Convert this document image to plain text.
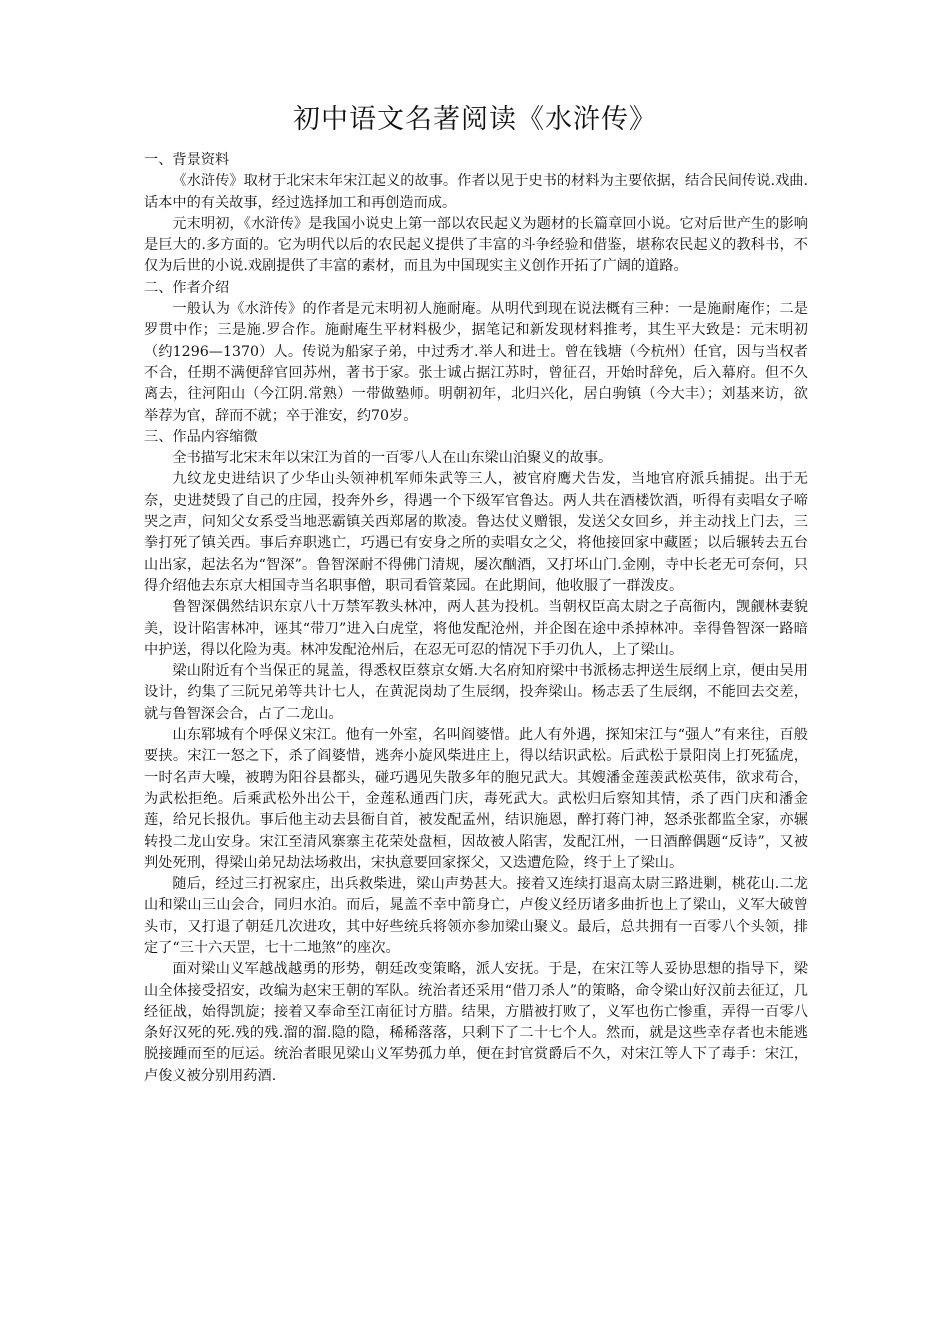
初中语文名著阅读《水浒传》

一、背景资料

《水浒传》取材于北宋末年宋江起义的故事。作者以见于史书的材料为主要依据，结合民间传说.戏曲.话本中的有关故事，经过选择加工和再创造而成。

元末明初，《水浒传》是我国小说史上第一部以农民起义为题材的长篇章回小说。它对后世产生的影响是巨大的.多方面的。它为明代以后的农民起义提供了丰富的斗争经验和借鉴，堪称农民起义的教科书，不仅为后世的小说.戏剧提供了丰富的素材，而且为中国现实主义创作开拓了广阔的道路。

二、作者介绍

一般认为《水浒传》的作者是元末明初人施耐庵。从明代到现在说法概有三种：一是施耐庵作；二是罗贯中作；三是施.罗合作。施耐庵生平材料极少，据笔记和新发现材料推考，其生平大致是：元末明初（约1296—1370）人。传说为船家子弟，中过秀才.举人和进士。曾在钱塘（今杭州）任官，因与当权者不合，任期不满便辞官回苏州，著书于家。张士诚占据江苏时，曾征召，开始时辞免，后入幕府。但不久离去，往河阳山（今江阴.常熟）一带做塾师。明朝初年，北归兴化，居白驹镇（今大丰）；刘基来访，欲举荐为官，辞而不就；卒于淮安，约70岁。

三、作品内容缩微

全书描写北宋末年以宋江为首的一百零八人在山东梁山泊聚义的故事。

九纹龙史进结识了少华山头领神机军师朱武等三人，被官府鹰犬告发，当地官府派兵捕捉。出于无奈，史进焚毁了自己的庄园，投奔外乡，得遇一个下级军官鲁达。两人共在酒楼饮酒，听得有卖唱女子啼哭之声，问知父女系受当地恶霸镇关西郑屠的欺凌。鲁达仗义赠银，发送父女回乡，并主动找上门去，三拳打死了镇关西。事后弃职逃亡，巧遇已有安身之所的卖唱女之父，将他接回家中藏匿；以后辗转去五台山出家，起法名为“智深”。鲁智深耐不得佛门清规，屡次酗酒，又打坏山门.金刚，寺中长老无可奈何，只得介绍他去东京大相国寺当名职事僧，职司看管菜园。在此期间，他收服了一群泼皮。

鲁智深偶然结识东京八十万禁军教头林冲，两人甚为投机。当朝权臣高太尉之子高衙内，觊觎林妻貌美，设计陷害林冲，诬其“带刀”进入白虎堂，将他发配沧州，并企图在途中杀掉林冲。幸得鲁智深一路暗中护送，得以化险为夷。林冲发配沧州后，在忍无可忍的情况下手刃仇人，上了梁山。

梁山附近有个当保正的晁盖，得悉权臣蔡京女婿.大名府知府梁中书派杨志押送生辰纲上京，便由吴用设计，约集了三阮兄弟等共计七人，在黄泥岗劫了生辰纲，投奔梁山。杨志丢了生辰纲，不能回去交差，就与鲁智深会合，占了二龙山。

山东郓城有个呼保义宋江。他有一外室，名叫阎婆惜。此人有外遇，探知宋江与“强人”有来往，百般要挟。宋江一怒之下，杀了阎婆惜，逃奔小旋风柴进庄上，得以结识武松。后武松于景阳岗上打死猛虎，一时名声大噪，被聘为阳谷县都头，碰巧遇见失散多年的胞兄武大。其嫂潘金莲羡武松英伟，欲求苟合，为武松拒绝。后乘武松外出公干，金莲私通西门庆，毒死武大。武松归后察知其情，杀了西门庆和潘金莲，给兄长报仇。事后他主动去县衙自首，被发配孟州，结识施恩，醉打蒋门神，怒杀张都监全家，亦辗转投二龙山安身。宋江至清风寨寨主花荣处盘桓，因故被人陷害，发配江州，一日酒醉偶题“反诗”，又被判处死刑，得梁山弟兄劫法场救出，宋执意要回家探父，又迭遭危险，终于上了梁山。

随后，经过三打祝家庄，出兵救柴进，梁山声势甚大。接着又连续打退高太尉三路进剿，桃花山.二龙山和梁山三山会合，同归水泊。而后，晁盖不幸中箭身亡，卢俊义经历诸多曲折也上了梁山，义军大破曾头市，又打退了朝廷几次进攻，其中好些统兵将领亦参加梁山聚义。最后，总共拥有一百零八个头领，排定了“三十六天罡，七十二地煞”的座次。

面对梁山义军越战越勇的形势，朝廷改变策略，派人安抚。于是，在宋江等人妥协思想的指导下，梁山全体接受招安，改编为赵宋王朝的军队。统治者还采用“借刀杀人”的策略，命令梁山好汉前去征辽，几经征战，始得凯旋；接着又奉命至江南征讨方腊。结果，方腊被打败了，义军也伤亡惨重，弄得一百零八条好汉死的死.残的残.溜的溜.隐的隐，稀稀落落，只剩下了二十七个人。然而，就是这些幸存者也未能逃脱接踵而至的厄运。统治者眼见梁山义军势孤力单，便在封官赏爵后不久，对宋江等人下了毒手：宋江，卢俊义被分别用药酒.
